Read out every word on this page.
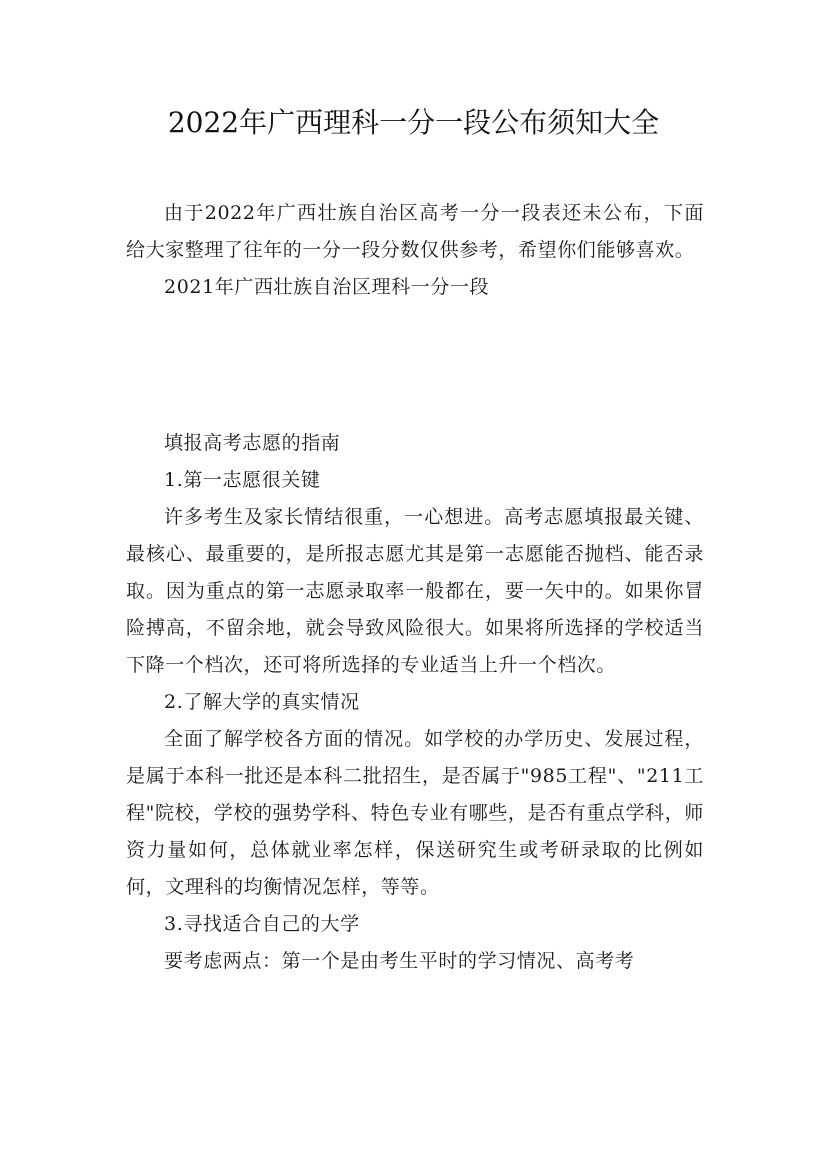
2022年广西理科一分一段公布须知大全

由于2022年广西壮族自治区高考一分一段表还未公布，下面给大家整理了往年的一分一段分数仅供参考，希望你们能够喜欢。

2021年广西壮族自治区理科一分一段

填报高考志愿的指南

1.第一志愿很关键

许多考生及家长情结很重，一心想进。高考志愿填报最关键、最核心、最重要的，是所报志愿尤其是第一志愿能否抛档、能否录取。因为重点的第一志愿录取率一般都在，要一矢中的。如果你冒险搏高，不留余地，就会导致风险很大。如果将所选择的学校适当下降一个档次，还可将所选择的专业适当上升一个档次。

2.了解大学的真实情况

全面了解学校各方面的情况。如学校的办学历史、发展过程，是属于本科一批还是本科二批招生，是否属于"985工程"、"211工程"院校，学校的强势学科、特色专业有哪些，是否有重点学科，师资力量如何，总体就业率怎样，保送研究生或考研录取的比例如何，文理科的均衡情况怎样，等等。

3.寻找适合自己的大学

要考虑两点：第一个是由考生平时的学习情况、高考考
